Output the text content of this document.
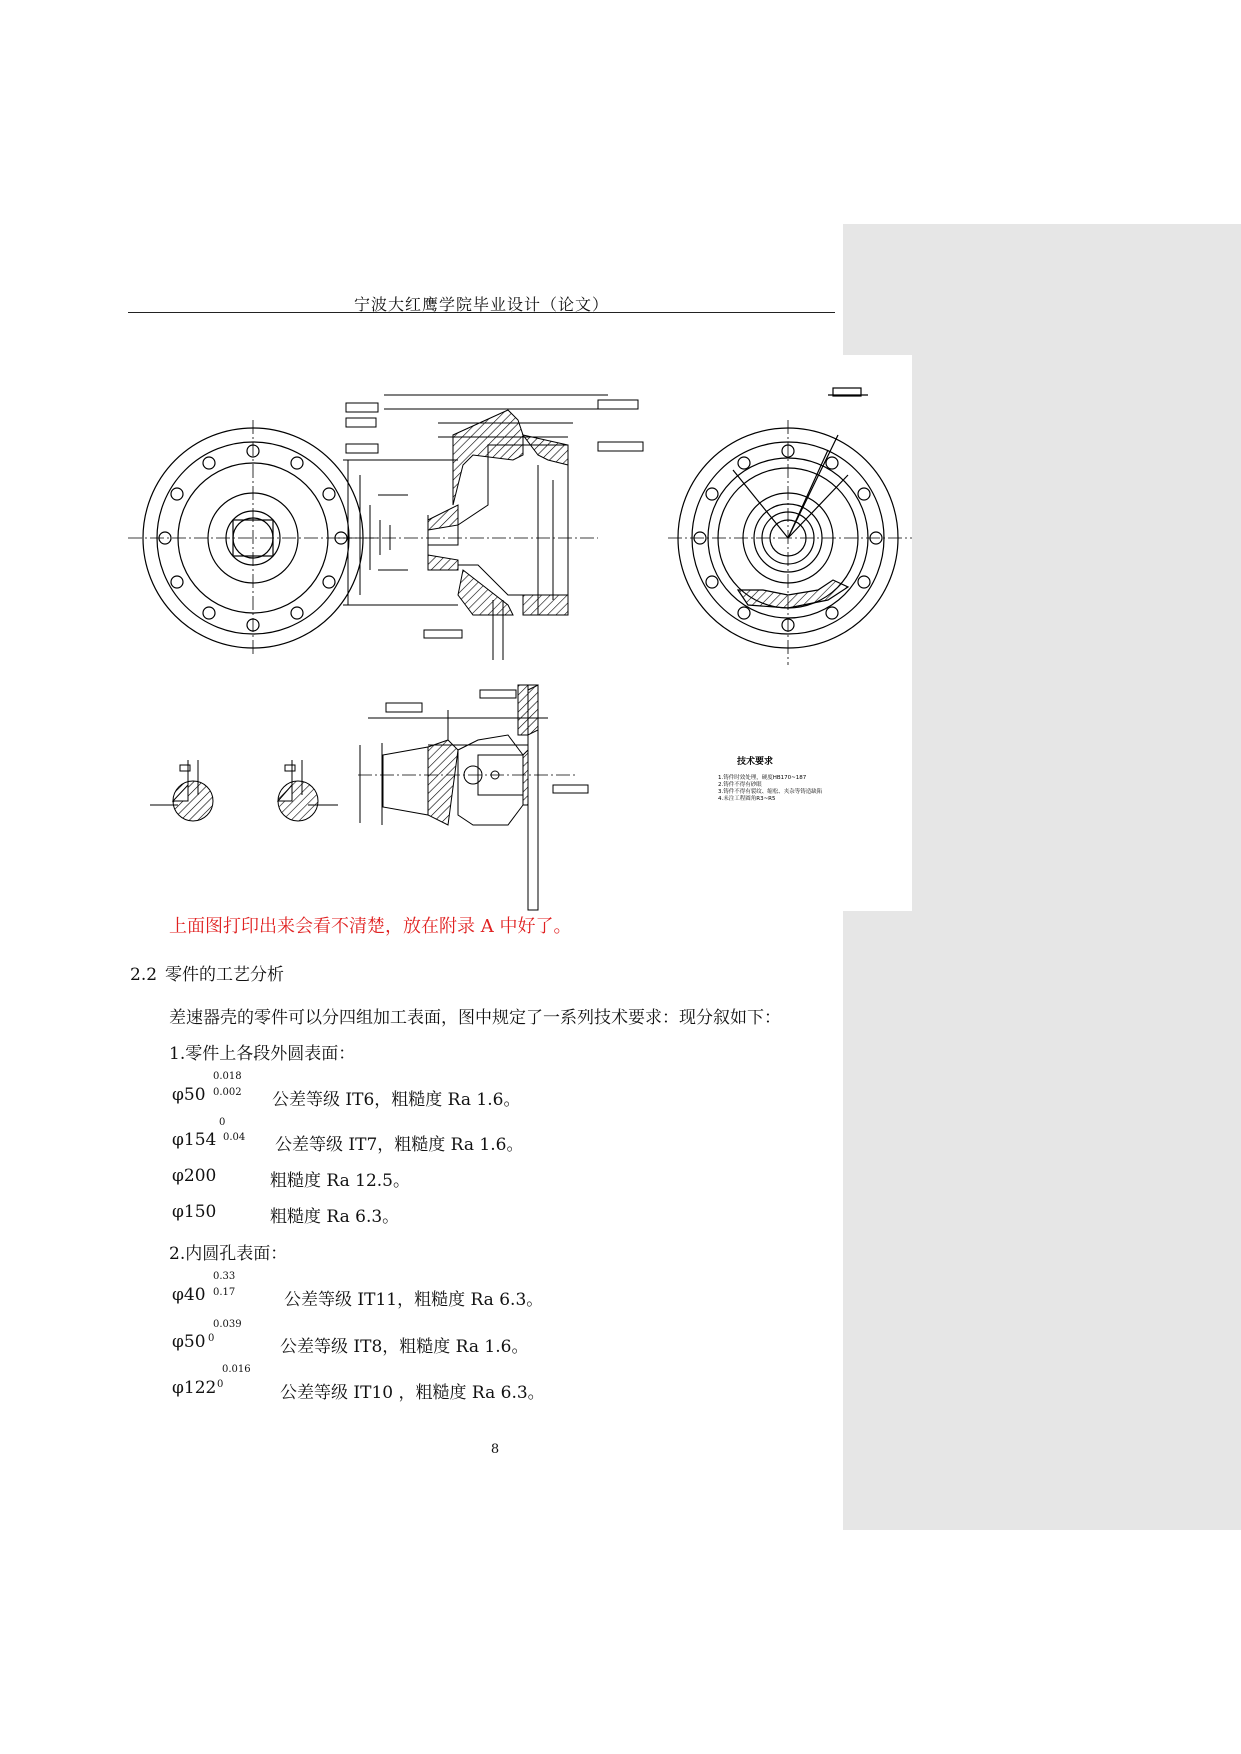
宁波大红鹰学院毕业设计（论文）
技术要求
1.铸件时效处理，硬度HB170~187
2.铸件不得有砂眼
3.铸件不得有裂纹、缩松、夹杂等铸造缺陷
4.未注工程圆角R3~R5
上面图打印出来会看不清楚，放在附录 A 中好了。
2.2 零件的工艺分析
差速器壳的零件可以分四组加工表面，图中规定了一系列技术要求：现分叙如下：
1.零件上各段外圆表面：
φ50
0.018
0.002 公差等级 IT6，粗糙度 Ra 1.6。
φ154
0
0.04 公差等级 IT7，粗糙度 Ra 1.6。
φ200	粗糙度 Ra 12.5。
φ150	粗糙度 Ra 6.3。
2.内圆孔表面：
φ40
0.33
0.17	公差等级 IT11，粗糙度 Ra 6.3。
φ50
0.039
0	公差等级 IT8，粗糙度 Ra 1.6。
φ122
0.016
0	公差等级 IT10 ，粗糙度 Ra 6.3。
8
